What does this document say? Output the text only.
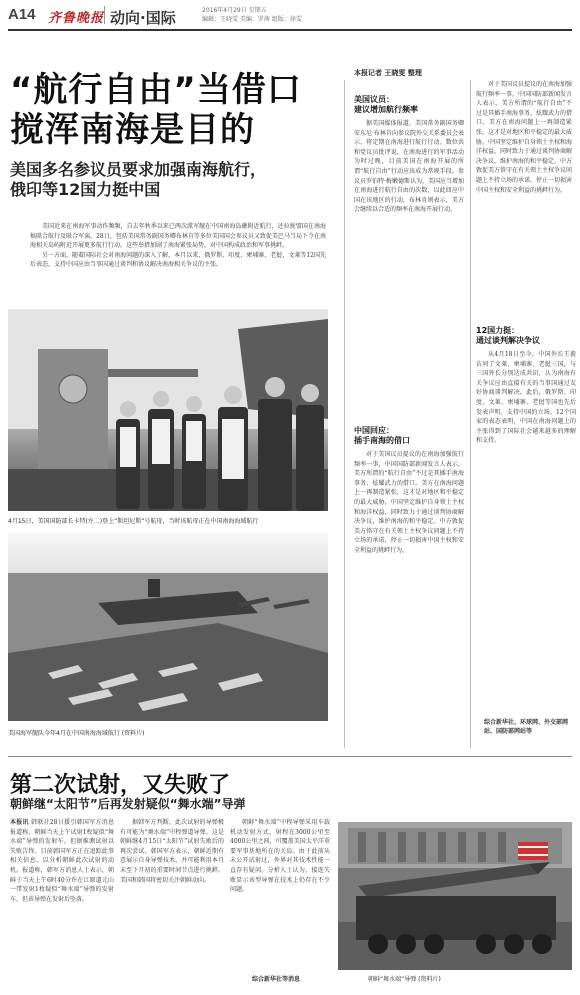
A14 齐鲁晚报 动向·国际	2016年4月29日 星期五
编辑：王晓雯 美编：罗茜 组版：徐雯
“航行自由”当借口
搅浑南海是目的
美国多名参议员要求加强南海航行，
俄印等12国力挺中国

美国近来在南海军事动作频频，自去年秋季以来已两次派军舰在中国南海岛礁附近航行，还拉拢盟国在南海搞联合航行及联合军演。28日，包括美国常务副国务卿布林肯等多位美国国会参议员又致促美巴马当局下令在南海相关岛屿附近开展更多航行行动。这些举措加剧了南海紧张局势，对中国构成政治和军事挑衅。

另一方面，随着国际社会对南海问题的深入了解，本月以来，俄罗斯、印度、柬埔寨、老挝、文莱等12国先后表态，支持中国应由当事国通过谈判和协议解决南海相关争议的主张。

4月15日，美国国防部长卡特(左二)登上“斯坦尼斯”号航母，当时该航母正在中国南海海域航行
美国海军舰队今年4月在中国南海海域航行 (资料片)
本报记者 王晓雯 整理
美国议员：
建议增加航行频率

据美国媒体报道，美国常务副国务卿安东尼·布林肯向参议院外交关系委员会表示，将定期在南海进行航行行动。数位共和党议员批评说，在南海进行的军事活动为时过晚，目前美国在南海开展的所谓“航行自由”行动应该成为常规手段。参议员罗伯特·梅嫩德斯认为，美国应当增加在南海进行航行自由的次数，以此回应中国在该地区的行动，布林肯则表示，美方会继续以合适的频率在南海开展行动。

中国回应：
插手南海的借口

对于美国议员提议的在南海加强航行频率一事，中国国防部新闻发言人表示，美方所谓的“航行自由”不过是其插手南海事务、炫耀武力的借口。美方在南海问题上一再制造紧张，这才是对地区和平稳定的最大威胁。中国坚定维护自身领土主权和海洋权益，同时致力于通过谈判协商解决争议，维护南海的和平稳定。中方敦促美方恪守在有关领土主权争议问题上不持立场的承诺，停止一切损害中国主权和安全利益的挑衅行为。

12国力挺：
通过谈判解决争议

从4月18日至今，中国外长王毅访问了文莱、柬埔寨、老挝三国，与三国外长分别达成共识，认为南海有关争议应由直接有关的当事国通过友好协商谈判解决。此后，俄罗斯、印度、文莱、柬埔寨、老挝等国也先后发表声明，支持中国的立场。12个国家的表态表明，中国在南海问题上的主张得到了国际社会越来越多的理解和支持。

对于美国议员提议的在南海加强航行频率一事，中国国防部新闻发言人表示，美方所谓的“航行自由”不过是其插手南海事务、炫耀武力的借口。美方在南海问题上一再制造紧张，这才是对地区和平稳定的最大威胁。中国坚定维护自身领土主权和海洋权益，同时致力于通过谈判协商解决争议，维护南海的和平稳定。中方敦促美方恪守在有关领土主权争议问题上不持立场的承诺，停止一切损害中国主权和安全利益的挑衅行为。
综合新华社、环球网、外交部网站、国防部网站等
第二次试射，又失败了
朝鲜继“太阳节”后再发射疑似“舞水端”导弹
本报讯 韩联社28日援引韩国军方消息报道称，朝鲜当天上午试射1枚疑似“舞水端”导弹的发射车，但据推测试射以失败告终。目前韩国军方正在追踪此事相关信息，以分析朝鲜此次试射的动机。报道称，韩军方消息人士表示，朝鲜于当天上午6时40分许在江原道元山一带发射1枚疑似“舞水端”导弹的发射车，但该导弹在发射后坠落。
据韩军方判断，此次试射的导弹极有可能为“舞水端”中程弹道导弹。这是朝鲜继4月15日“太阳节”试射失败后的再次尝试。韩国军方表示，朝鲜近期有意展示自身导弹技术，并可能利用本月末至下月初的重要时间节点进行挑衅。美国和韩国将密切关注朝鲜动向。
朝鲜“舞水端”中程导弹采用车载机动发射方式，射程在3000公里至4000公里之间，可覆盖美国太平洋重要军事基地所在的关岛。由于此前从未公开试射过，外界对其技术性能一直存有疑问。分析人士认为，接连失败显示该型导弹在技术上仍存在不少问题。
综合新华社等消息	朝鲜“舞水端”导弹 (资料片)
